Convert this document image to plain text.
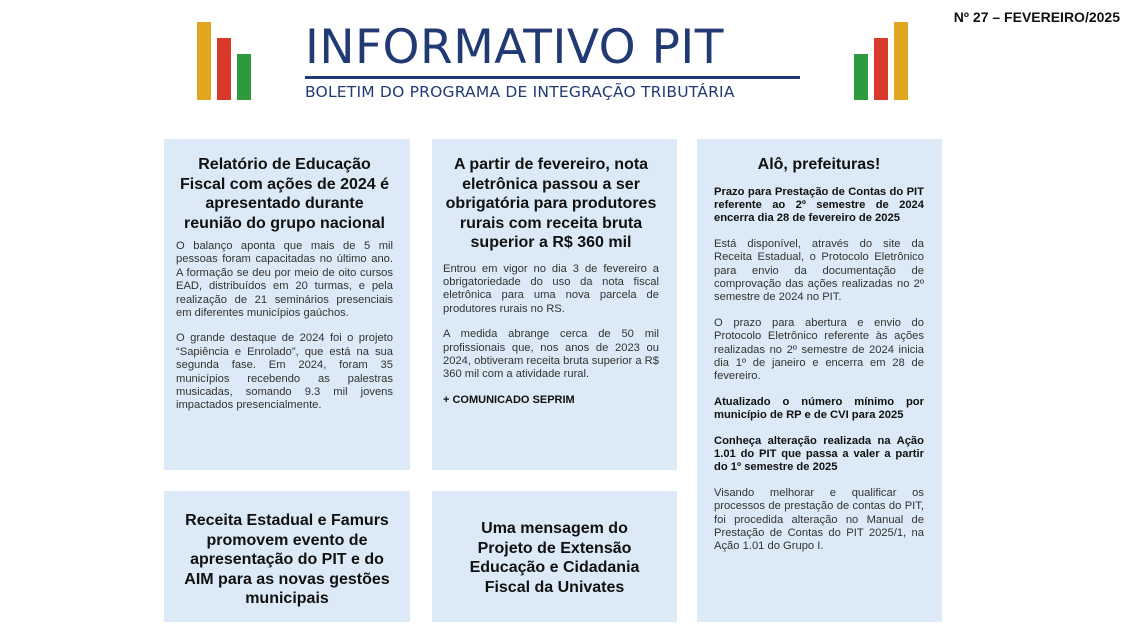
Nº 27 – FEVEREIRO/2025
INFORMATIVO PIT
BOLETIM DO PROGRAMA DE INTEGRAÇÃO TRIBUTÁRIA
Relatório de Educação Fiscal com ações de 2024 é apresentado durante reunião do grupo nacional

O balanço aponta que mais de 5 mil pessoas foram capacitadas no último ano. A formação se deu por meio de oito cursos EAD, distribuídos em 20 turmas, e pela realização de 21 seminários presenciais em diferentes municípios gaúchos.

O grande destaque de 2024 foi o projeto “Sapiência e Enrolado”, que está na sua segunda fase. Em 2024, foram 35 municípios recebendo as palestras musicadas, somando 9.3 mil jovens impactados presencialmente.

A partir de fevereiro, nota eletrônica passou a ser obrigatória para produtores rurais com receita bruta superior a R$ 360 mil

Entrou em vigor no dia 3 de fevereiro a obrigatoriedade do uso da nota fiscal eletrônica para uma nova parcela de produtores rurais no RS.

A medida abrange cerca de 50 mil profissionais que, nos anos de 2023 ou 2024, obtiveram receita bruta superior a R$ 360 mil com a atividade rural.

+ COMUNICADO SEPRIM
Alô, prefeituras!

Prazo para Prestação de Contas do PIT referente ao 2º semestre de 2024 encerra dia 28 de fevereiro de 2025

Está disponível, através do site da Receita Estadual, o Protocolo Eletrônico para envio da documentação de comprovação das ações realizadas no 2º semestre de 2024 no PIT.

O prazo para abertura e envio do Protocolo Eletrônico referente às ações realizadas no 2º semestre de 2024 inicia dia 1º de janeiro e encerra em 28 de fevereiro.

Atualizado o número mínimo por município de RP e de CVI para 2025

Conheça alteração realizada na Ação 1.01 do PIT que passa a valer a partir do 1º semestre de 2025

Visando melhorar e qualificar os processos de prestação de contas do PIT, foi procedida alteração no Manual de Prestação de Contas do PIT 2025/1, na Ação 1.01 do Grupo I.

Receita Estadual e Famurs promovem evento de apresentação do PIT e do AIM para as novas gestões municipais
Uma mensagem do Projeto de Extensão Educação e Cidadania Fiscal da Univates
